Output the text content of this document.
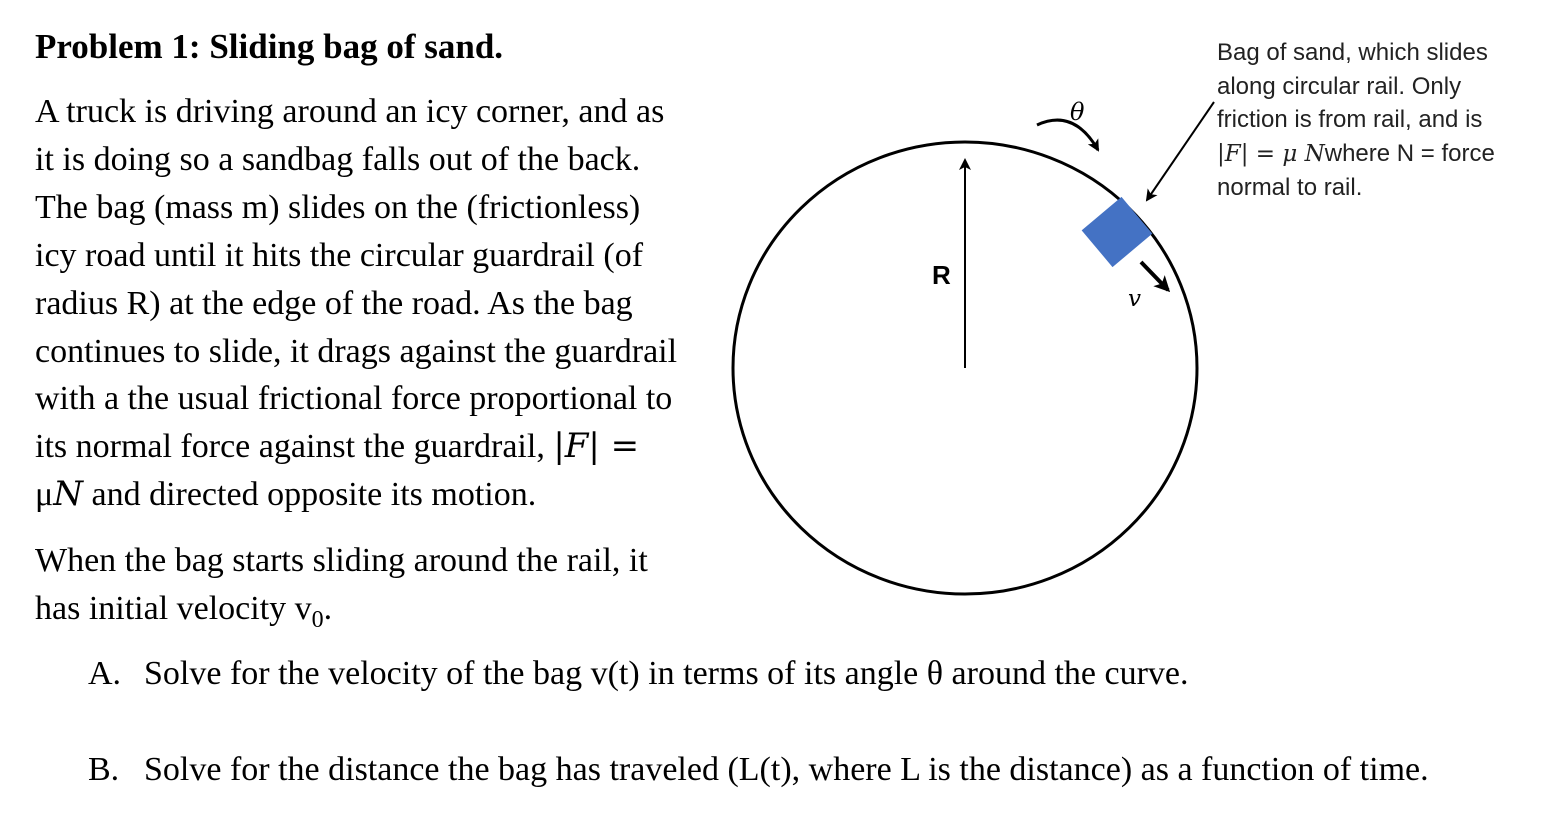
Problem 1: Sliding bag of sand.
A truck is driving around an icy corner, and as
it is doing so a sandbag falls out of the back.
The bag (mass m) slides on the (frictionless)
icy road until it hits the circular guardrail (of
radius R) at the edge of the road. As the bag
continues to slide, it drags against the guardrail
with a the usual frictional force proportional to
its normal force against the guardrail, |F| =
μN and directed opposite its motion.
When the bag starts sliding around the rail, it
has initial velocity $v_0$.
A. Solve for the velocity of the bag v(t) in terms of its angle θ around the curve.
B. Solve for the distance the bag has traveled (L(t), where L is the distance) as a function of time.
Bag of sand, which slides
along circular rail. Only
friction is from rail, and is
|F| = μ Nwhere N = force
normal to rail.
R
θ
v
